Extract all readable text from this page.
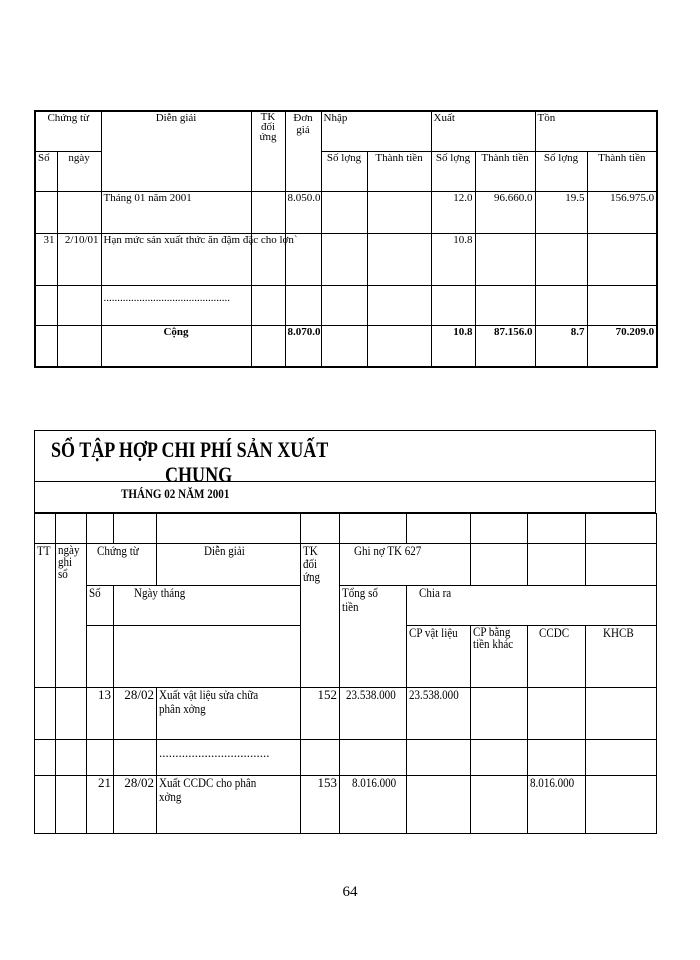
Chứng từ		Diễn giải	TK đối ứng	Đơn giá	Nhập		Xuất		Tồn	
Số	ngày				Số lợng	Thành tiền	Số lợng	Thành tiền	Số lợng	Thành tiền
		Tháng 01 năm 2001		8.050.0			12.0	96.660.0	19.5	156.975.0
31	2/10/01	Hạn mức sản xuất thức ăn đậm đặc cho lợn`					10.8			
		..............................................								
		Cộng		8.070.0			10.8	87.156.0	8.7	70.209.0
SỔ TẬP HỢP CHI PHÍ SẢN XUẤT
CHUNG
THÁNG 02 NĂM 2001

TT	ngày ghi sổ	Chứng từ		Diễn giải	TK đối ứng	Ghi nợ TK 627				
		Số	Ngày tháng			Tổng số tiền	Chia ra			
							CP vật liệu	CP bằng tiền khác	CCDC	KHCB
		13	28/02	Xuất vật liệu sửa chữa phân xởng	152	23.538.000	23.538.000			
				..................................						
		21	28/02	Xuất CCDC cho phân xởng	153	8.016.000			8.016.000	
64
